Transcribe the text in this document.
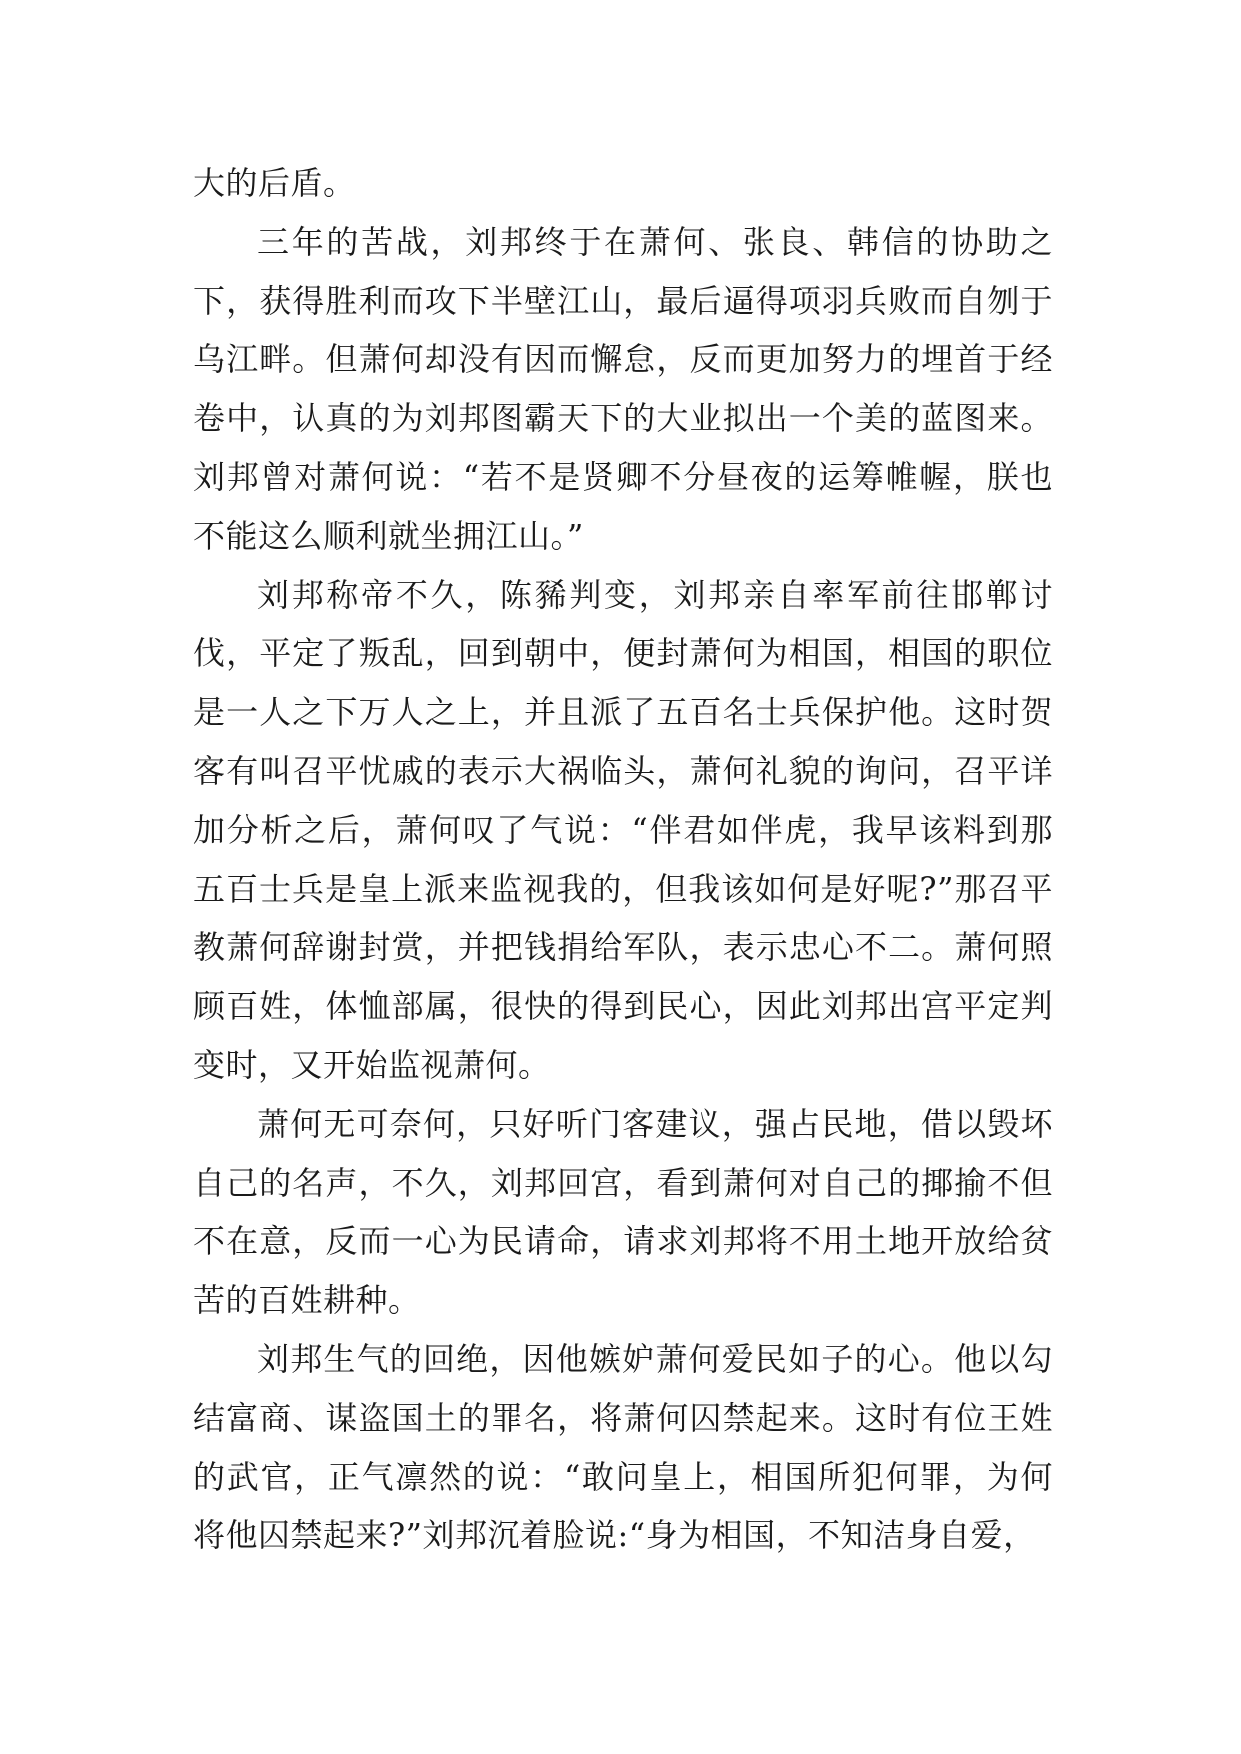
大的后盾。

三年的苦战，刘邦终于在萧何、张良、韩信的协助之下，获得胜利而攻下半壁江山，最后逼得项羽兵败而自刎于乌江畔。但萧何却没有因而懈怠，反而更加努力的埋首于经卷中，认真的为刘邦图霸天下的大业拟出一个美的蓝图来。刘邦曾对萧何说：“若不是贤卿不分昼夜的运筹帷幄，朕也不能这么顺利就坐拥江山。”

刘邦称帝不久，陈豨判变，刘邦亲自率军前往邯郸讨伐，平定了叛乱，回到朝中，便封萧何为相国，相国的职位是一人之下万人之上，并且派了五百名士兵保护他。这时贺客有叫召平忧戚的表示大祸临头，萧何礼貌的询问，召平详加分析之后，萧何叹了气说：“伴君如伴虎，我早该料到那五百士兵是皇上派来监视我的，但我该如何是好呢?”那召平教萧何辞谢封赏，并把钱捐给军队，表示忠心不二。萧何照顾百姓，体恤部属，很快的得到民心，因此刘邦出宫平定判变时，又开始监视萧何。

萧何无可奈何，只好听门客建议，强占民地，借以毁坏自己的名声，不久，刘邦回宫，看到萧何对自己的揶揄不但不在意，反而一心为民请命，请求刘邦将不用土地开放给贫苦的百姓耕种。

刘邦生气的回绝，因他嫉妒萧何爱民如子的心。他以勾结富商、谋盗国土的罪名，将萧何囚禁起来。这时有位王姓的武官，正气凛然的说：“敢问皇上，相国所犯何罪，为何将他囚禁起来?”刘邦沉着脸说:“身为相国，不知洁身自爱，
